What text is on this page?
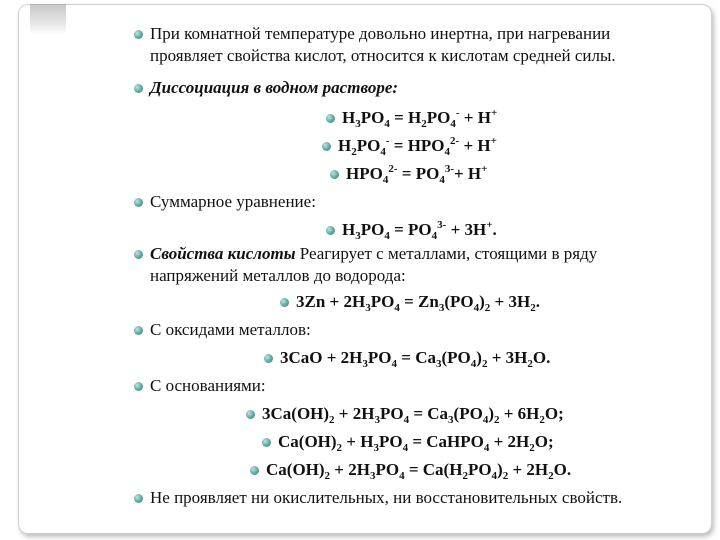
При комнатной температуре довольно инертна, при нагревании
проявляет свойства кислот, относится к кислотам средней силы.
Диссоциация в водном растворе:
$H_3PO_4 = H_2PO_4^- + H^+$
$H_2PO_4^- = HPO_4^{2-} + H^+$
$HPO_4^{2-} = PO_4^{3-}+ H^+$
Суммарное уравнение:
$H_3PO_4 = PO_4^{3-} + 3H^+$.
Свойства кислоты Реагирует с металлами, стоящими в ряду
напряжений металлов до водорода:
$3Zn + 2H_3PO_4 = Zn_3(PO_4)_2 + 3H_2$.
С оксидами металлов:
$3CaO + 2H_3PO_4 = Ca_3(PO_4)_2 + 3H_2O$.
С основаниями:
$3Ca(OH)_2 + 2H_3PO_4 = Ca_3(PO_4)_2 + 6H_2O$;
$Ca(OH)_2 + H_3PO_4$ = CaHPO$_4$ + $2H_2O$;
$Ca(OH)_2 + 2H_3PO_4 = Ca(H_2PO_4)_2 + 2H_2O$.
Не проявляет ни окислительных, ни восстановительных свойств.
